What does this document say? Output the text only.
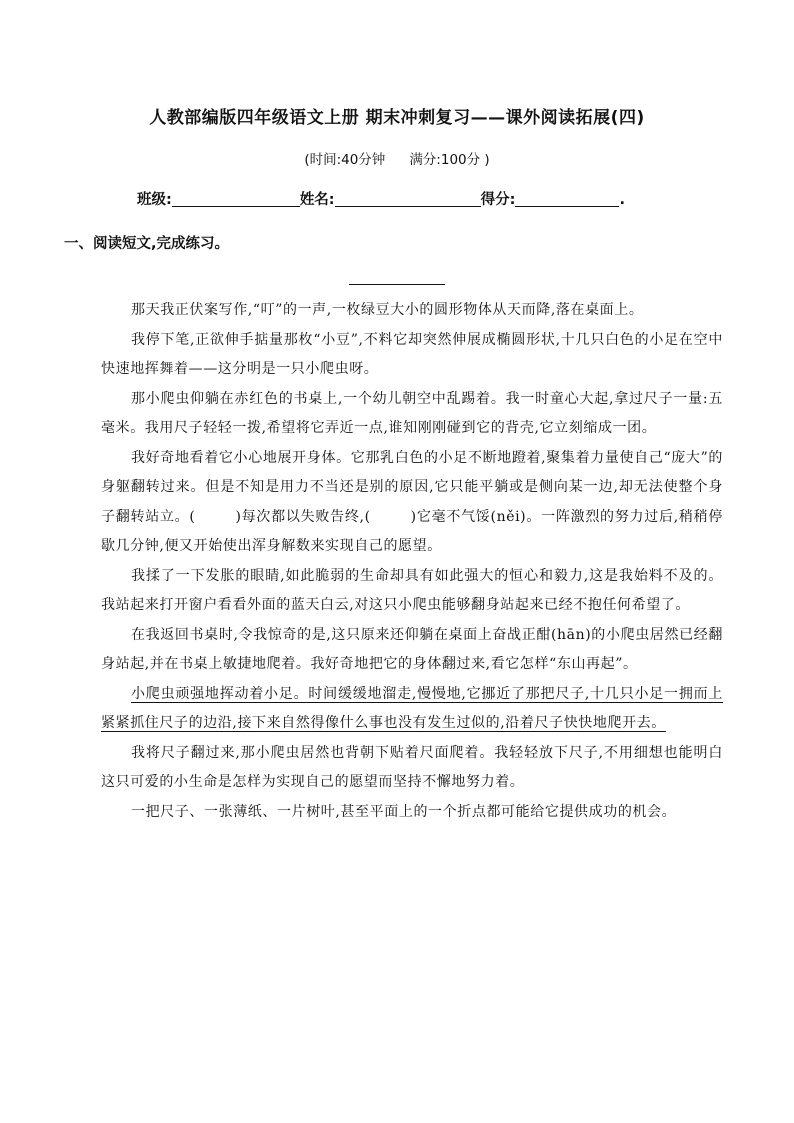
人教部编版四年级语文上册 期末冲刺复习——课外阅读拓展(四)
(时间:40分钟 满分:100分 )
班级:	姓名:	得分:	.
一、阅读短文,完成练习。

那天我正伏案写作,“叮”的一声,一枚绿豆大小的圆形物体从天而降,落在桌面上。

我停下笔,正欲伸手掂量那枚“小豆”,不料它却突然伸展成椭圆形状,十几只白色的小足在空中快速地挥舞着——这分明是一只小爬虫呀。

那小爬虫仰躺在赤红色的书桌上,一个幼儿朝空中乱踢着。我一时童心大起,拿过尺子一量:五毫米。我用尺子轻轻一拨,希望将它弄近一点,谁知刚刚碰到它的背壳,它立刻缩成一团。

我好奇地看着它小心地展开身体。它那乳白色的小足不断地蹬着,聚集着力量使自己“庞大”的身躯翻转过来。但是不知是用力不当还是别的原因,它只能平躺或是侧向某一边,却无法使整个身子翻转站立。(	)每次都以失败告终,(	)它毫不气馁(něi)。一阵激烈的努力过后,稍稍停歇几分钟,便又开始使出浑身解数来实现自己的愿望。

我揉了一下发胀的眼睛,如此脆弱的生命却具有如此强大的恒心和毅力,这是我始料不及的。我站起来打开窗户看看外面的蓝天白云,对这只小爬虫能够翻身站起来已经不抱任何希望了。

在我返回书桌时,令我惊奇的是,这只原来还仰躺在桌面上奋战正酣(hān)的小爬虫居然已经翻身站起,并在书桌上敏捷地爬着。我好奇地把它的身体翻过来,看它怎样“东山再起”。

小爬虫顽强地挥动着小足。时间缓缓地溜走,慢慢地,它挪近了那把尺子,十几只小足一拥而上紧紧抓住尺子的边沿,接下来自然得像什么事也没有发生过似的,沿着尺子快快地爬开去。

我将尺子翻过来,那小爬虫居然也背朝下贴着尺面爬着。我轻轻放下尺子,不用细想也能明白这只可爱的小生命是怎样为实现自己的愿望而坚持不懈地努力着。

一把尺子、一张薄纸、一片树叶,甚至平面上的一个折点都可能给它提供成功的机会。
